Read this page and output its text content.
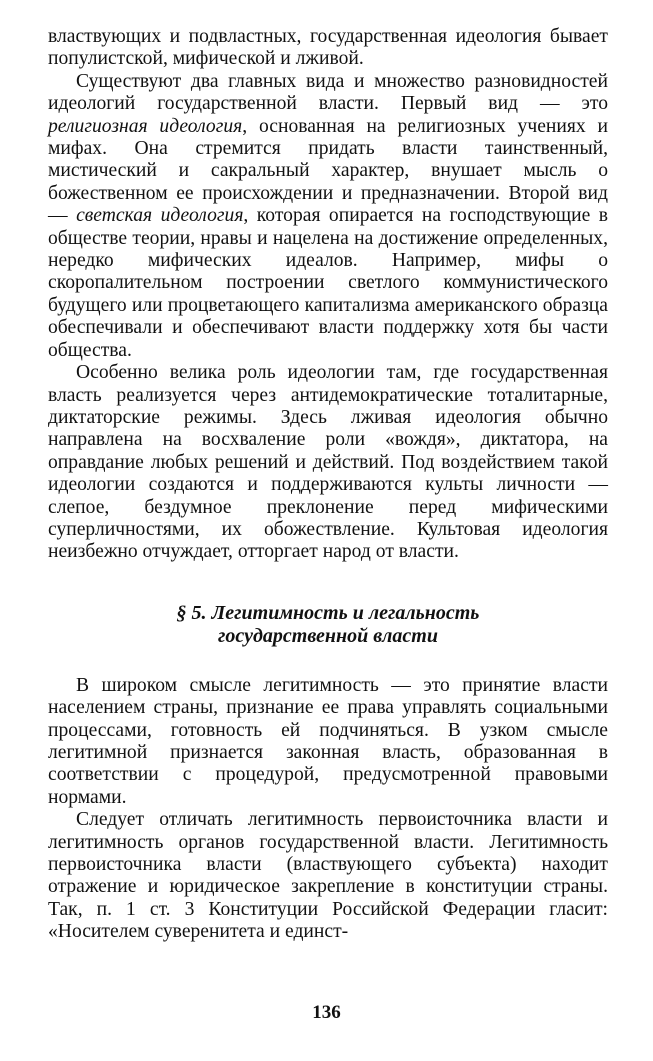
властвующих и подвластных, государственная идеология бывает популистской, мифической и лживой.

Существуют два главных вида и множество разновидностей идеологий государственной власти. Первый вид — это религиозная идеология, основанная на религиозных учениях и мифах. Она стремится придать власти таинственный, мистический и сакральный характер, внушает мысль о божественном ее происхождении и предназначении. Второй вид — светская идеология, которая опирается на господствующие в обществе теории, нравы и нацелена на достижение определенных, нередко мифических идеалов. Например, мифы о скоропалительном построении светлого коммунистического будущего или процветающего капитализма американского образца обеспечивали и обеспечивают власти поддержку хотя бы части общества.

Особенно велика роль идеологии там, где государственная власть реализуется через антидемократические тоталитарные, диктаторские режимы. Здесь лживая идеология обычно направлена на восхваление роли «вождя», диктатора, на оправдание любых решений и действий. Под воздействием такой идеологии создаются и поддерживаются культы личности — слепое, бездумное преклонение перед мифическими суперличностями, их обожествление. Культовая идеология неизбежно отчуждает, отторгает народ от власти.

§ 5. Легитимность и легальность
государственной власти

В широком смысле легитимность — это принятие власти населением страны, признание ее права управлять социальными процессами, готовность ей подчиняться. В узком смысле легитимной признается законная власть, образованная в соответствии с процедурой, предусмотренной правовыми нормами.

Следует отличать легитимность первоисточника власти и легитимность органов государственной власти. Легитимность первоисточника власти (властвующего субъекта) находит отражение и юридическое закрепление в конституции страны. Так, п. 1 ст. 3 Конституции Российской Федерации гласит: «Носителем суверенитета и единст-

136
